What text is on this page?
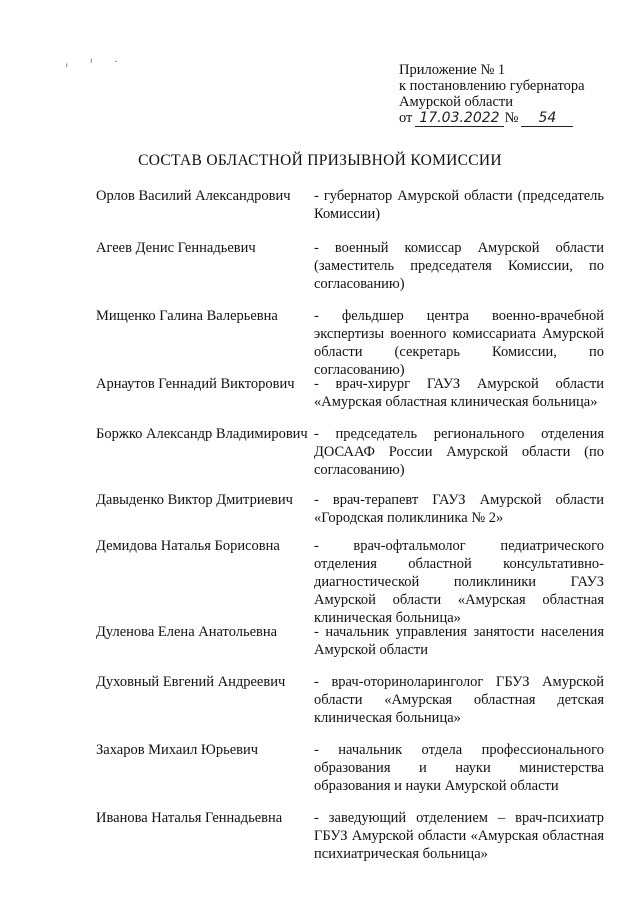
ᵢ ⁱ ˑ	Приложение № 1
к постановлению губернатора
Амурской области
от 17.03.2022 №	54
СОСТАВ ОБЛАСТНОЙ ПРИЗЫВНОЙ КОМИССИИ
Орлов Василий Александрович	- губернатор Амурской области (председатель Комиссии)
Агеев Денис Геннадьевич	- военный комиссар Амурской области (заместитель председателя Комиссии, по согласованию)
Мищенко Галина Валерьевна	- фельдшер центра военно-врачебной экспертизы военного комиссариата Амурской области (секретарь Комиссии, по согласованию)
Арнаутов Геннадий Викторович	- врач-хирург ГАУЗ Амурской области «Амурская областная клиническая больница»
Боржко Александр Владимирович - председатель регионального отделения ДОСААФ России Амурской области (по согласованию)
Давыденко Виктор Дмитриевич	- врач-терапевт ГАУЗ Амурской области «Городская поликлиника № 2»
Демидова Наталья Борисовна	- врач-офтальмолог педиатрического отделения областной консультативно-диагностической поликлиники ГАУЗ Амурской области «Амурская областная клиническая больница»
Дуленова Елена Анатольевна	- начальник управления занятости населения Амурской области
Духовный Евгений Андреевич	- врач-оториноларинголог ГБУЗ Амурской области «Амурская областная детская клиническая больница»
Захаров Михаил Юрьевич	- начальник отдела профессионального образования и науки министерства образования и науки Амурской области
Иванова Наталья Геннадьевна	- заведующий отделением – врач-психиатр ГБУЗ Амурской области «Амурская областная психиатрическая больница»
